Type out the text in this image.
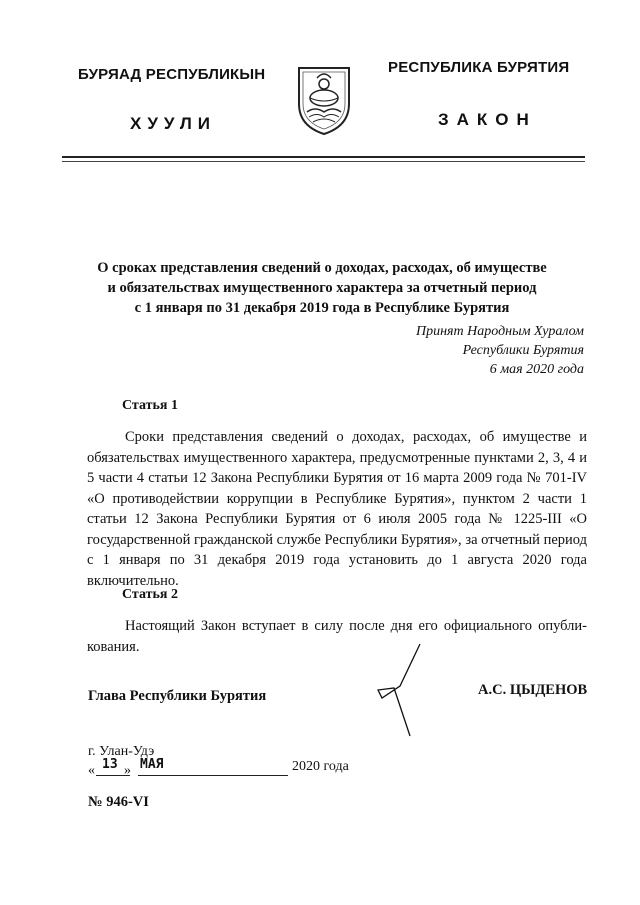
БУРЯАД РЕСПУБЛИКЫН
ХУУЛИ
РЕСПУБЛИКА БУРЯТИЯ
ЗАКОН
О сроках представления сведений о доходах, расходах, об имуществе
и обязательствах имущественного характера за отчетный период
с 1 января по 31 декабря 2019 года в Республике Бурятия
Принят Народным Хуралом
Республики Бурятия
6 мая 2020 года
Статья 1
Сроки представления сведений о доходах, расходах, об имуществе и обязательствах имущественного характера, предусмотренные пунктами 2, 3, 4 и 5 части 4 статьи 12 Закона Республики Бурятия от 16 марта 2009 года № 701-IV «О противодействии коррупции в Республике Бурятия», пунктом 2 части 1 статьи 12 Закона Республики Бурятия от 6 июля 2005 года № 1225-III «О государственной гражданской службе Республики Бурятия», за отчетный период с 1 января по 31 декабря 2019 года установить до 1 августа 2020 года включительно.
Статья 2
Настоящий Закон вступает в силу после дня его официального опубли-кования.
Глава Республики Бурятия	А.С. ЦЫДЕНОВ
г. Улан-Удэ
« 13 » МАЯ	2020 года
№ 946-VI
